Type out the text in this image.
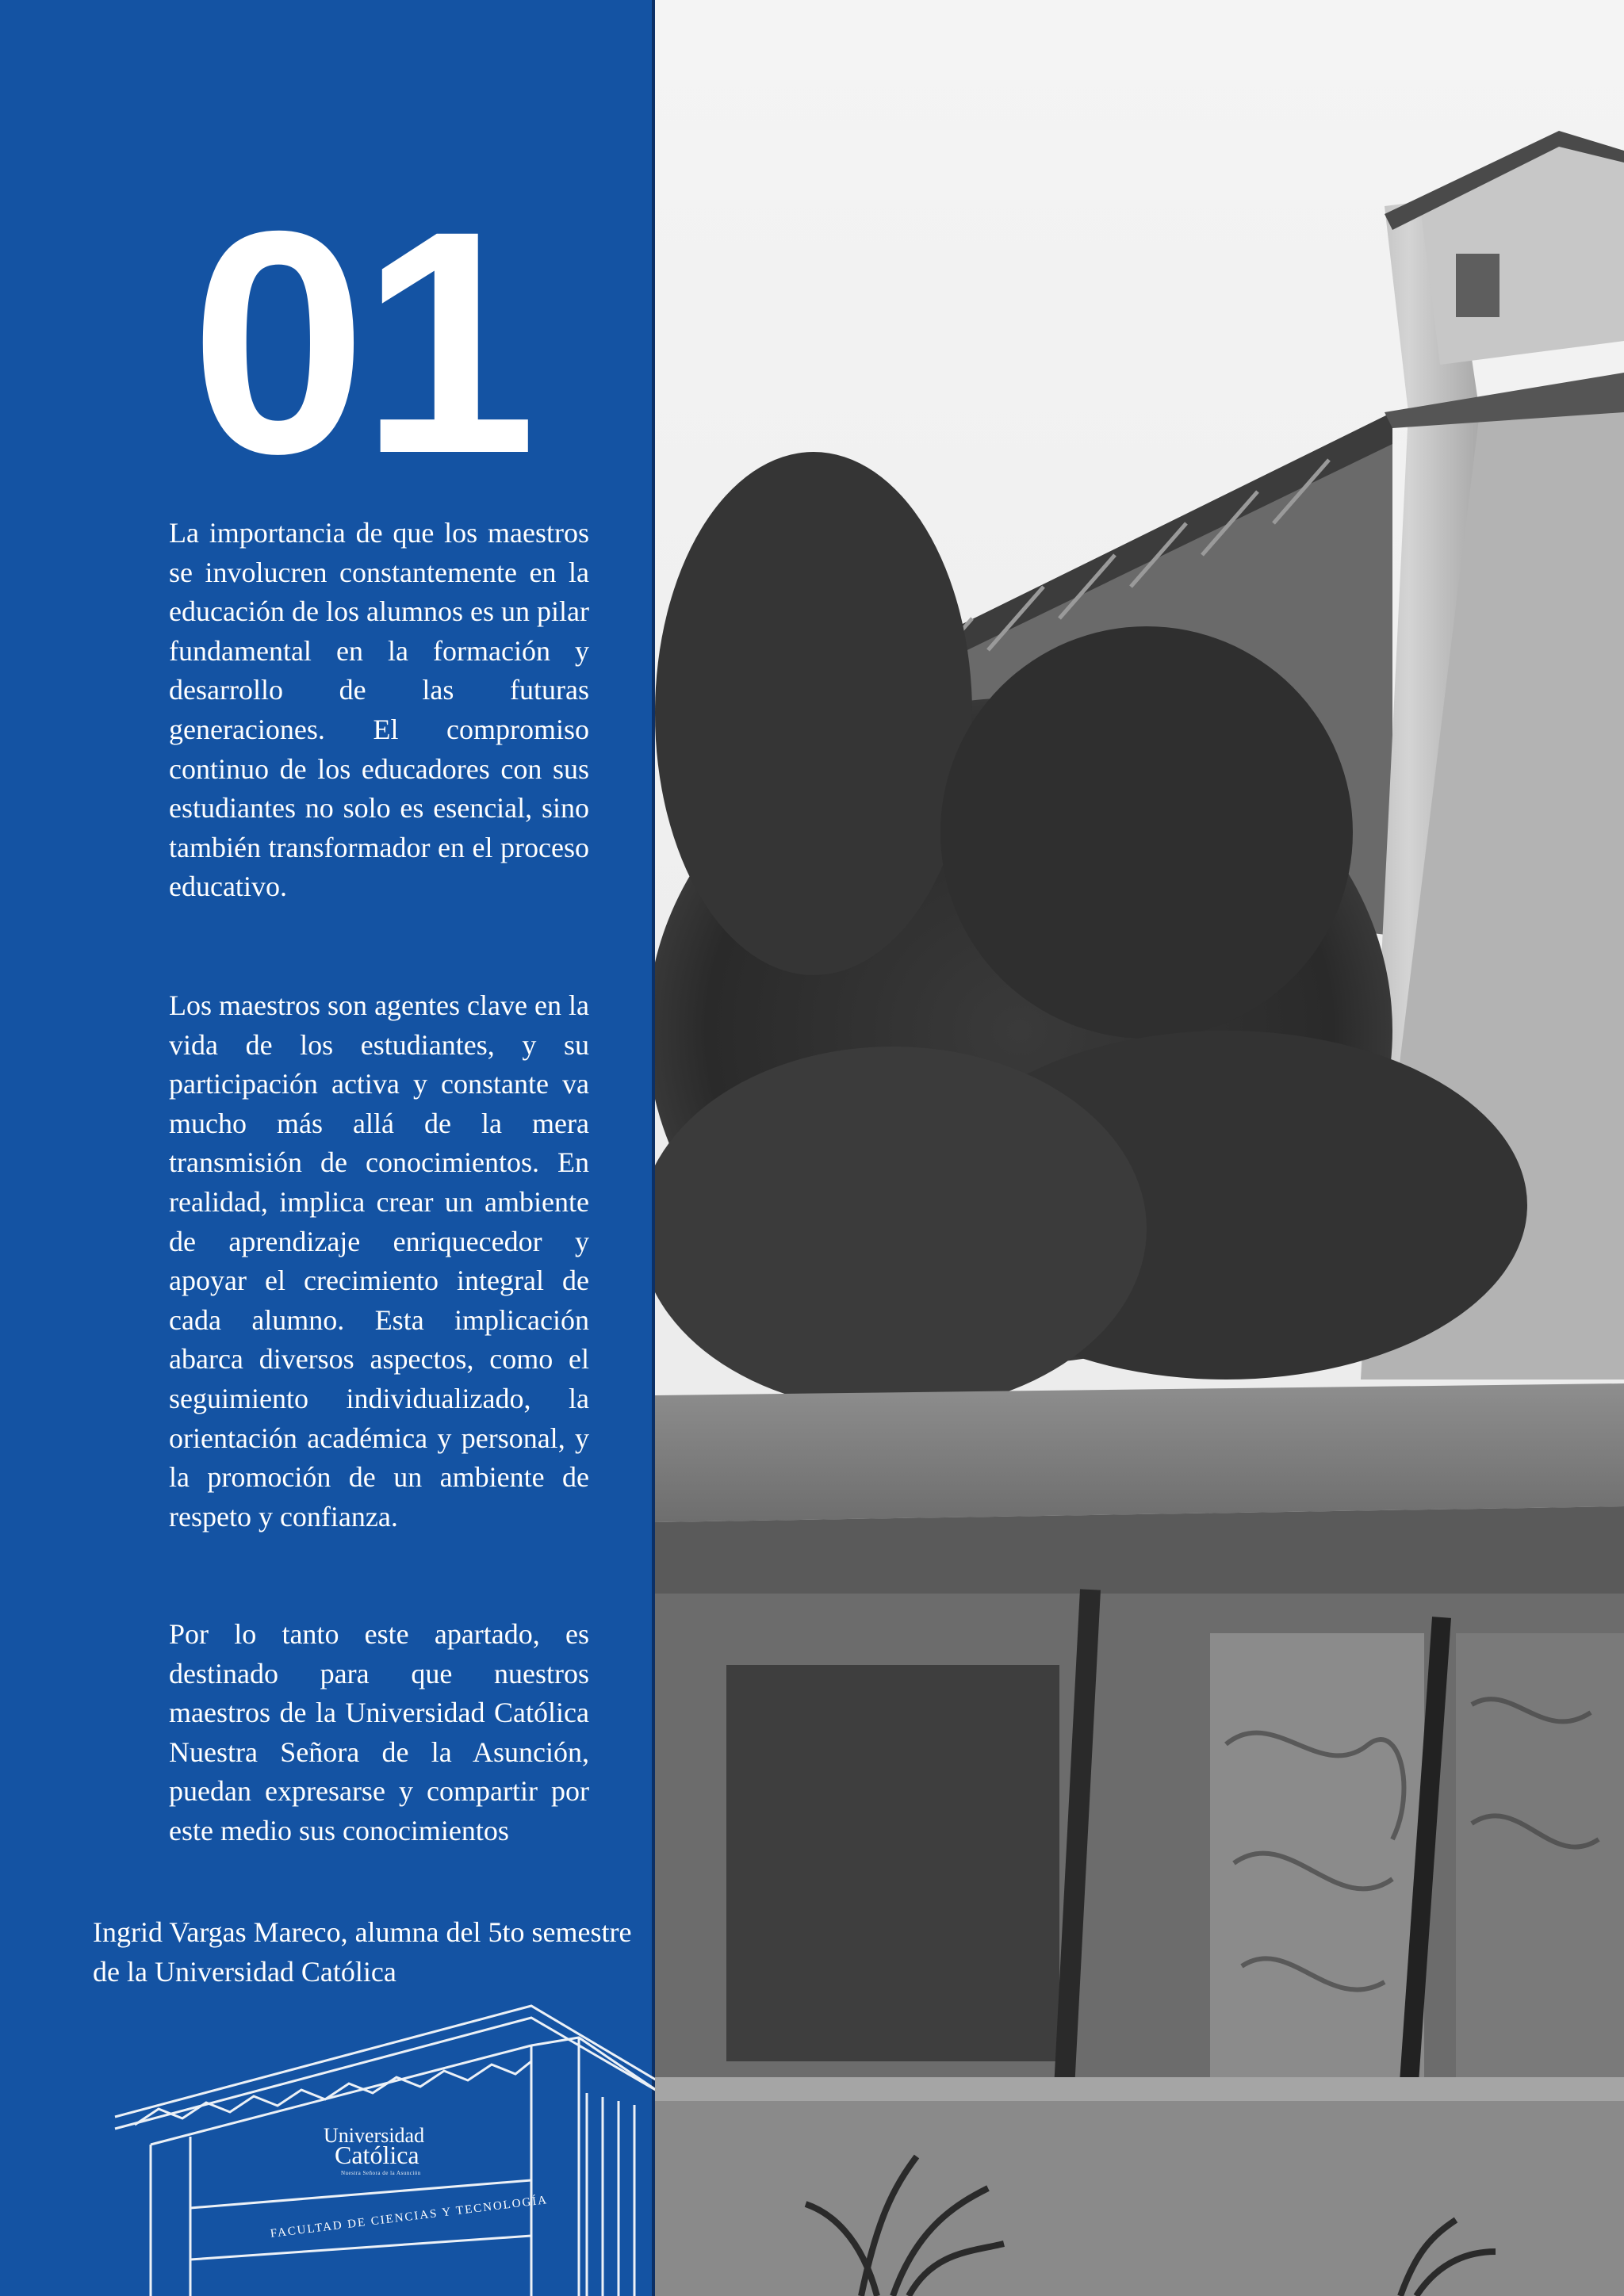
01

La importancia de que los maestros se involucren constantemente en la educación de los alumnos es un pilar fundamental en la formación y desarrollo de las futuras generaciones. El compromiso continuo de los educadores con sus estudiantes no solo es esencial, sino también transformador en el proceso educativo.

Los maestros son agentes clave en la vida de los estudiantes, y su participación activa y constante va mucho más allá de la mera transmisión de conocimientos. En realidad, implica crear un ambiente de aprendizaje enriquecedor y apoyar el crecimiento integral de cada alumno. Esta implicación abarca diversos aspectos, como el seguimiento individualizado, la orientación académica y personal, y la promoción de un ambiente de respeto y confianza.

Por lo tanto este apartado, es destinado para que nuestros maestros de la Universidad Católica Nuestra Señora de la Asunción, puedan expresarse y compartir por este medio sus conocimientos

Ingrid Vargas Mareco, alumna del 5to semestre de la Universidad Católica

Universidad
Católica
Nuestra Señora de la Asunción
FACULTAD DE CIENCIAS Y TECNOLOGÍA
